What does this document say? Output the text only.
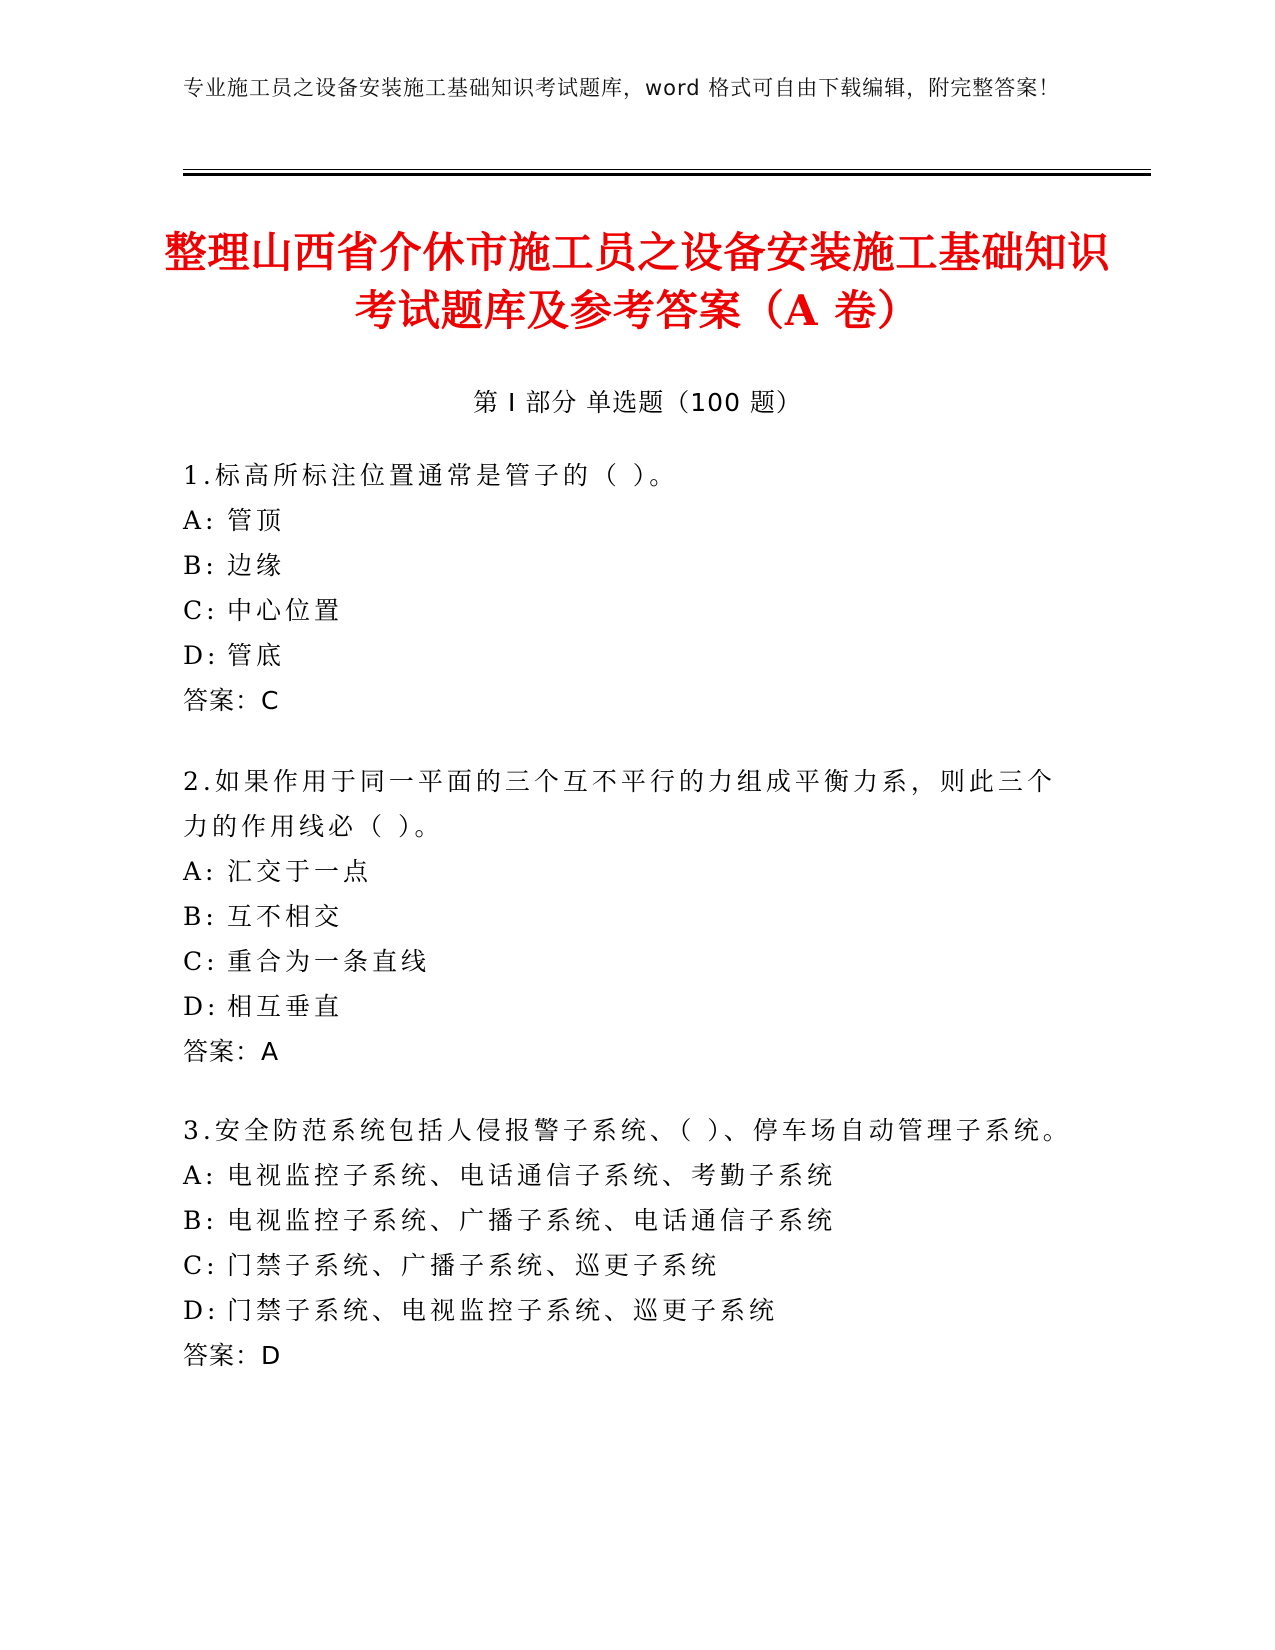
专业施工员之设备安装施工基础知识考试题库，word 格式可自由下载编辑，附完整答案！
整理山西省介休市施工员之设备安装施工基础知识考试题库及参考答案（A 卷）
第 I 部分 单选题（100 题）

1.标高所标注位置通常是管子的（ ）。

A: 管顶

B: 边缘

C: 中心位置

D: 管底

答案：C

2.如果作用于同一平面的三个互不平行的力组成平衡力系，则此三个力的作用线必（ ）。

A: 汇交于一点

B: 互不相交

C: 重合为一条直线

D: 相互垂直

答案：A

3.安全防范系统包括人侵报警子系统、（ ）、停车场自动管理子系统。

A: 电视监控子系统、电话通信子系统、考勤子系统

B: 电视监控子系统、广播子系统、电话通信子系统

C: 门禁子系统、广播子系统、巡更子系统

D: 门禁子系统、电视监控子系统、巡更子系统

答案：D
